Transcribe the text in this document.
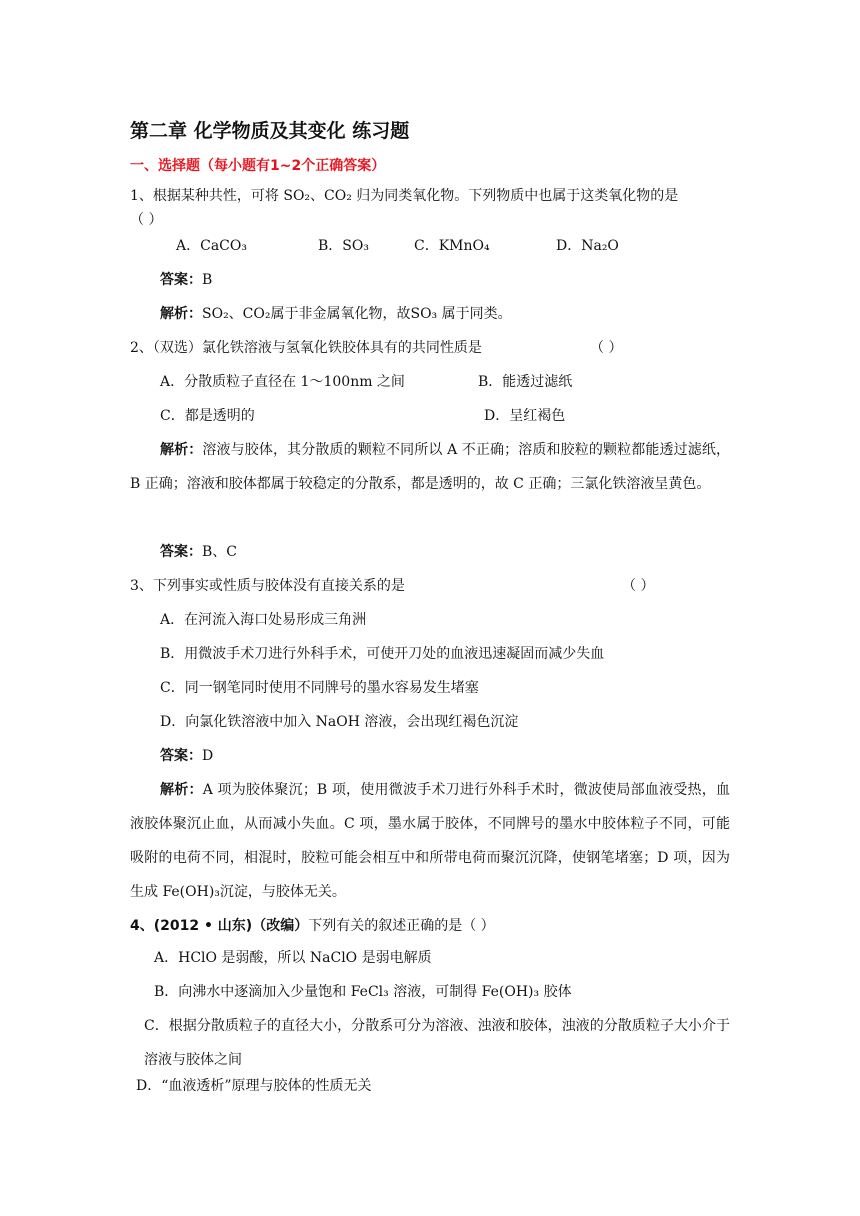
第二章 化学物质及其变化 练习题
一、选择题（每小题有1~2个正确答案）
1、根据某种共性，可将 SO₂、CO₂ 归为同类氧化物。下列物质中也属于这类氧化物的是
（ ）
A．CaCO₃	B．SO₃	C．KMnO₄	D．Na₂O
答案：B
解析：SO₂、CO₂属于非金属氧化物，故SO₃ 属于同类。
2、（双选）氯化铁溶液与氢氧化铁胶体具有的共同性质是	（ ）
A．分散质粒子直径在 1～100nm 之间	B．能透过滤纸
C．都是透明的	D．呈红褐色
解析：溶液与胶体，其分散质的颗粒不同所以 A 不正确；溶质和胶粒的颗粒都能透过滤纸，B 正确；溶液和胶体都属于较稳定的分散系，都是透明的，故 C 正确；三氯化铁溶液呈黄色。
答案：B、C
3、下列事实或性质与胶体没有直接关系的是	（ ）
A．在河流入海口处易形成三角洲
B．用微波手术刀进行外科手术，可使开刀处的血液迅速凝固而减少失血
C．同一钢笔同时使用不同牌号的墨水容易发生堵塞
D．向氯化铁溶液中加入 NaOH 溶液，会出现红褐色沉淀
答案：D
解析：A 项为胶体聚沉；B 项，使用微波手术刀进行外科手术时，微波使局部血液受热，血液胶体聚沉止血，从而减小失血。C 项，墨水属于胶体，不同牌号的墨水中胶体粒子不同，可能吸附的电荷不同，相混时，胶粒可能会相互中和所带电荷而聚沉沉降，使钢笔堵塞；D 项，因为生成 Fe(OH)₃沉淀，与胶体无关。
4、(2012 • 山东)（改编）下列有关的叙述正确的是（ ）
A．HClO 是弱酸，所以 NaClO 是弱电解质
B．向沸水中逐滴加入少量饱和 FeCl₃ 溶液，可制得 Fe(OH)₃ 胶体
C．根据分散质粒子的直径大小，分散系可分为溶液、浊液和胶体，浊液的分散质粒子大小介于溶液与胶体之间
D．“血液透析”原理与胶体的性质无关
